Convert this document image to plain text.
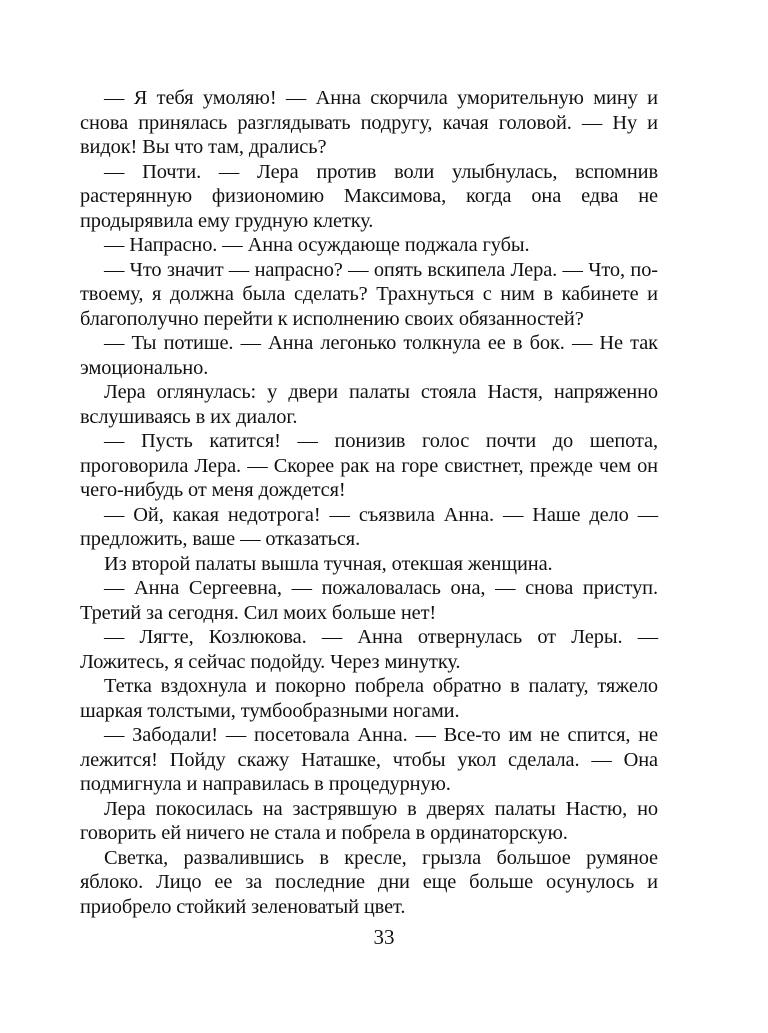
— Я тебя умоляю! — Анна скорчила уморительную мину и снова принялась разглядывать подругу, качая головой. — Ну и видок! Вы что там, дрались?

— Почти. — Лера против воли улыбнулась, вспомнив растерянную физиономию Максимова, когда она едва не продырявила ему грудную клетку.

— Напрасно. — Анна осуждающе поджала губы.

— Что значит — напрасно? — опять вскипела Лера. — Что, по-твоему, я должна была сделать? Трахнуться с ним в кабинете и благополучно перейти к исполнению своих обязанностей?

— Ты потише. — Анна легонько толкнула ее в бок. — Не так эмоционально.

Лера оглянулась: у двери палаты стояла Настя, напряженно вслушиваясь в их диалог.

— Пусть катится! — понизив голос почти до шепота, проговорила Лера. — Скорее рак на горе свистнет, прежде чем он чего-нибудь от меня дождется!

— Ой, какая недотрога! — съязвила Анна. — Наше дело — предложить, ваше — отказаться.

Из второй палаты вышла тучная, отекшая женщина.

— Анна Сергеевна, — пожаловалась она, — снова приступ. Третий за сегодня. Сил моих больше нет!

— Лягте, Козлюкова. — Анна отвернулась от Леры. — Ложитесь, я сейчас подойду. Через минутку.

Тетка вздохнула и покорно побрела обратно в палату, тяжело шаркая толстыми, тумбообразными ногами.

— Забодали! — посетовала Анна. — Все-то им не спится, не лежится! Пойду скажу Наташке, чтобы укол сделала. — Она подмигнула и направилась в процедурную.

Лера покосилась на застрявшую в дверях палаты Настю, но говорить ей ничего не стала и побрела в ординаторскую.

Светка, развалившись в кресле, грызла большое румяное яблоко. Лицо ее за последние дни еще больше осунулось и приобрело стойкий зеленоватый цвет.

33
